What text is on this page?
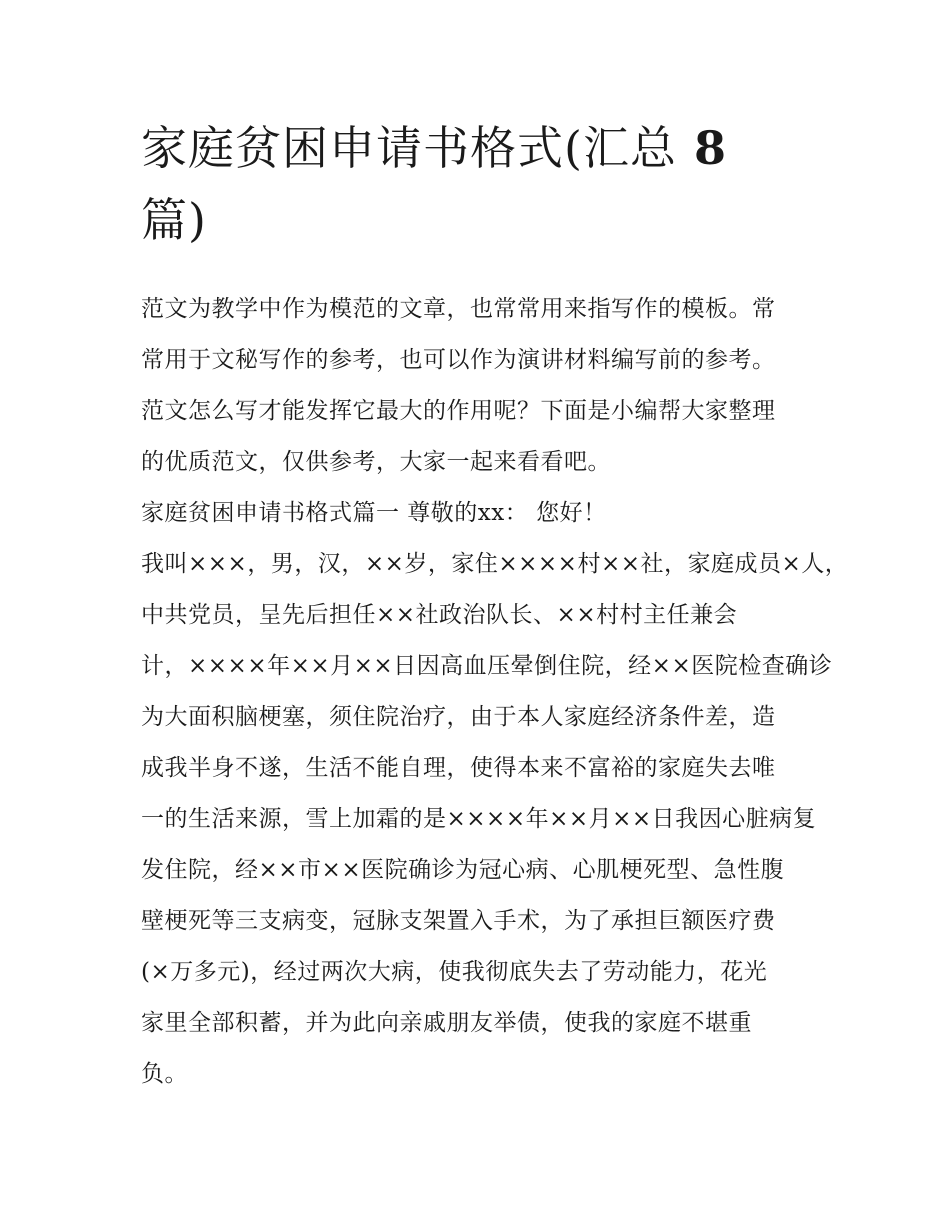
家庭贫困申请书格式(汇总 8
篇)
范文为教学中作为模范的文章，也常常用来指写作的模板。常
常用于文秘写作的参考，也可以作为演讲材料编写前的参考。
范文怎么写才能发挥它最大的作用呢？下面是小编帮大家整理
的优质范文，仅供参考，大家一起来看看吧。
家庭贫困申请书格式篇一 尊敬的xx： 您好！
我叫×××，男，汉，××岁，家住××××村××社，家庭成员×人，
中共党员，呈先后担任××社政治队长、××村村主任兼会
计，××××年××月××日因高血压晕倒住院，经××医院检查确诊
为大面积脑梗塞，须住院治疗，由于本人家庭经济条件差，造
成我半身不遂，生活不能自理，使得本来不富裕的家庭失去唯
一的生活来源，雪上加霜的是××××年××月××日我因心脏病复
发住院，经××市××医院确诊为冠心病、心肌梗死型、急性腹
壁梗死等三支病变，冠脉支架置入手术，为了承担巨额医疗费
(×万多元)，经过两次大病，使我彻底失去了劳动能力，花光
家里全部积蓄，并为此向亲戚朋友举债，使我的家庭不堪重
负。
